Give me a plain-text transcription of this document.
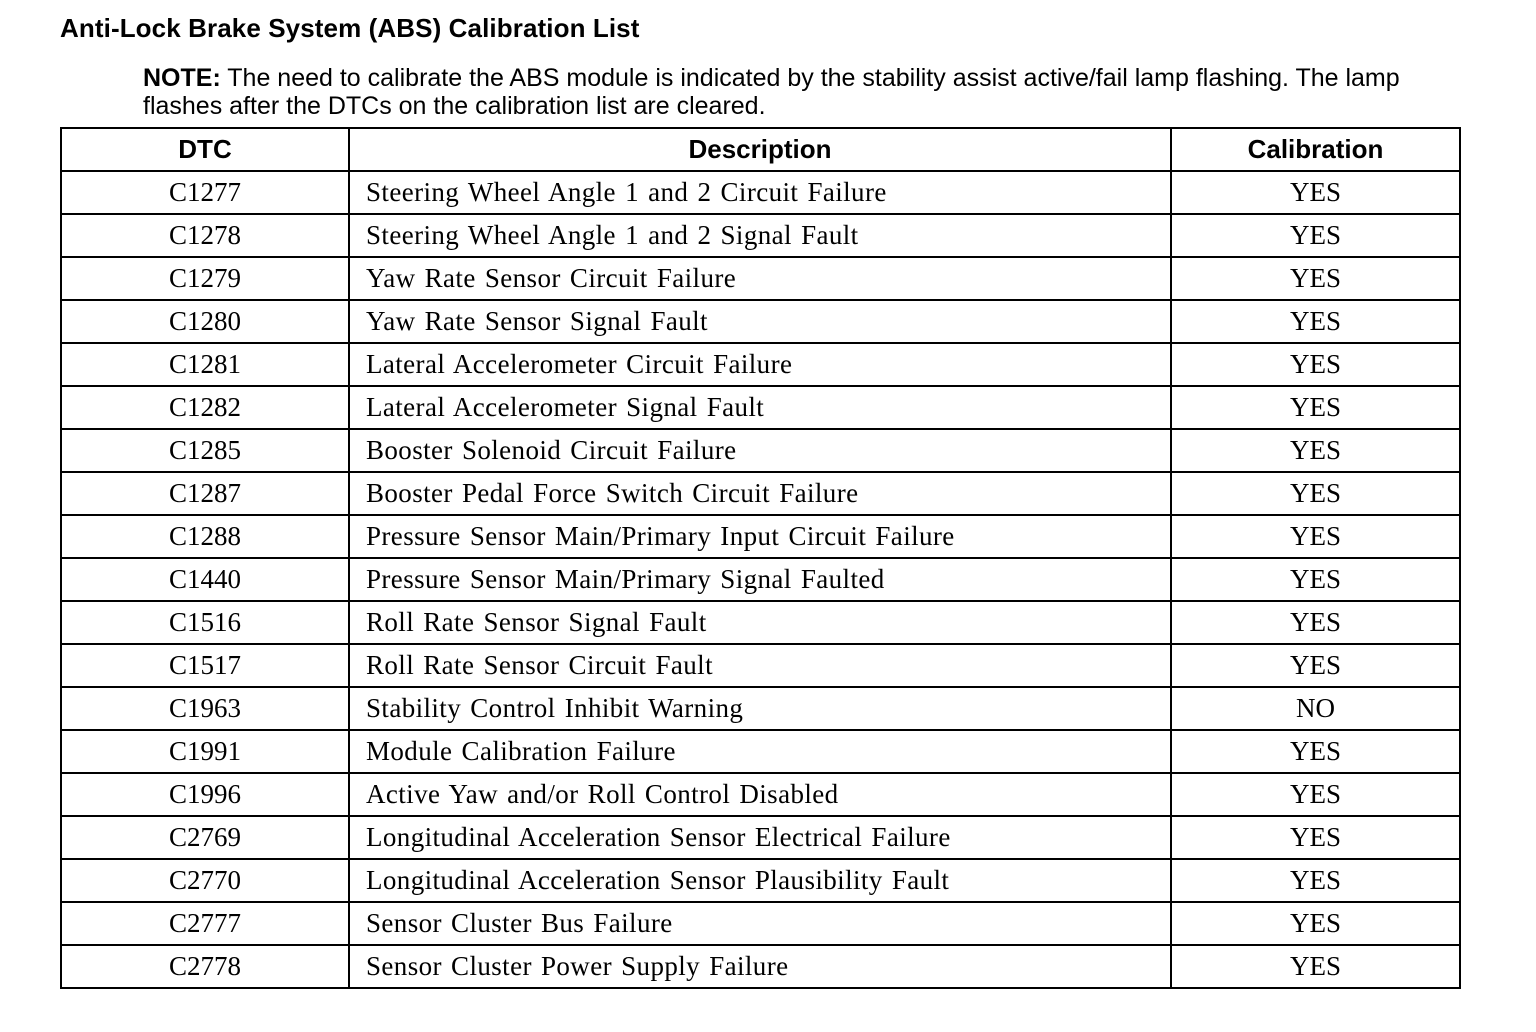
Anti-Lock Brake System (ABS) Calibration List
NOTE: The need to calibrate the ABS module is indicated by the stability assist active/fail lamp flashing. The lamp flashes after the DTCs on the calibration list are cleared.
DTC	Description	Calibration
C1277	Steering Wheel Angle 1 and 2 Circuit Failure	YES
C1278	Steering Wheel Angle 1 and 2 Signal Fault	YES
C1279	Yaw Rate Sensor Circuit Failure	YES
C1280	Yaw Rate Sensor Signal Fault	YES
C1281	Lateral Accelerometer Circuit Failure	YES
C1282	Lateral Accelerometer Signal Fault	YES
C1285	Booster Solenoid Circuit Failure	YES
C1287	Booster Pedal Force Switch Circuit Failure	YES
C1288	Pressure Sensor Main/Primary Input Circuit Failure	YES
C1440	Pressure Sensor Main/Primary Signal Faulted	YES
C1516	Roll Rate Sensor Signal Fault	YES
C1517	Roll Rate Sensor Circuit Fault	YES
C1963	Stability Control Inhibit Warning	NO
C1991	Module Calibration Failure	YES
C1996	Active Yaw and/or Roll Control Disabled	YES
C2769	Longitudinal Acceleration Sensor Electrical Failure	YES
C2770	Longitudinal Acceleration Sensor Plausibility Fault	YES
C2777	Sensor Cluster Bus Failure	YES
C2778	Sensor Cluster Power Supply Failure	YES
